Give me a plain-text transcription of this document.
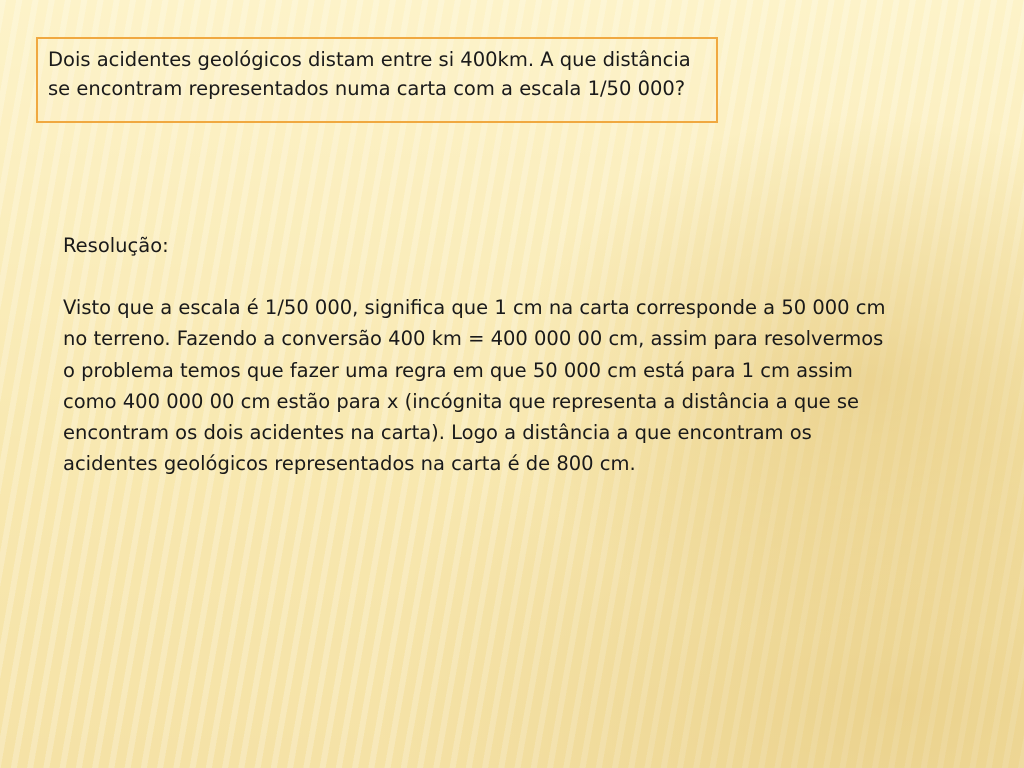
Dois acidentes geológicos distam entre si 400km. A que distância se encontram representados numa carta com a escala 1/50 000?
Resolução:

Visto que a escala é 1/50 000, significa que 1 cm na carta corresponde a 50 000 cm no terreno. Fazendo a conversão 400 km = 400 000 00 cm, assim para resolvermos o problema temos que fazer uma regra em que 50 000 cm está para 1 cm assim como 400 000 00 cm estão para x (incógnita que representa a distância a que se encontram os dois acidentes na carta). Logo a distância a que encontram os acidentes geológicos representados na carta é de 800 cm.
